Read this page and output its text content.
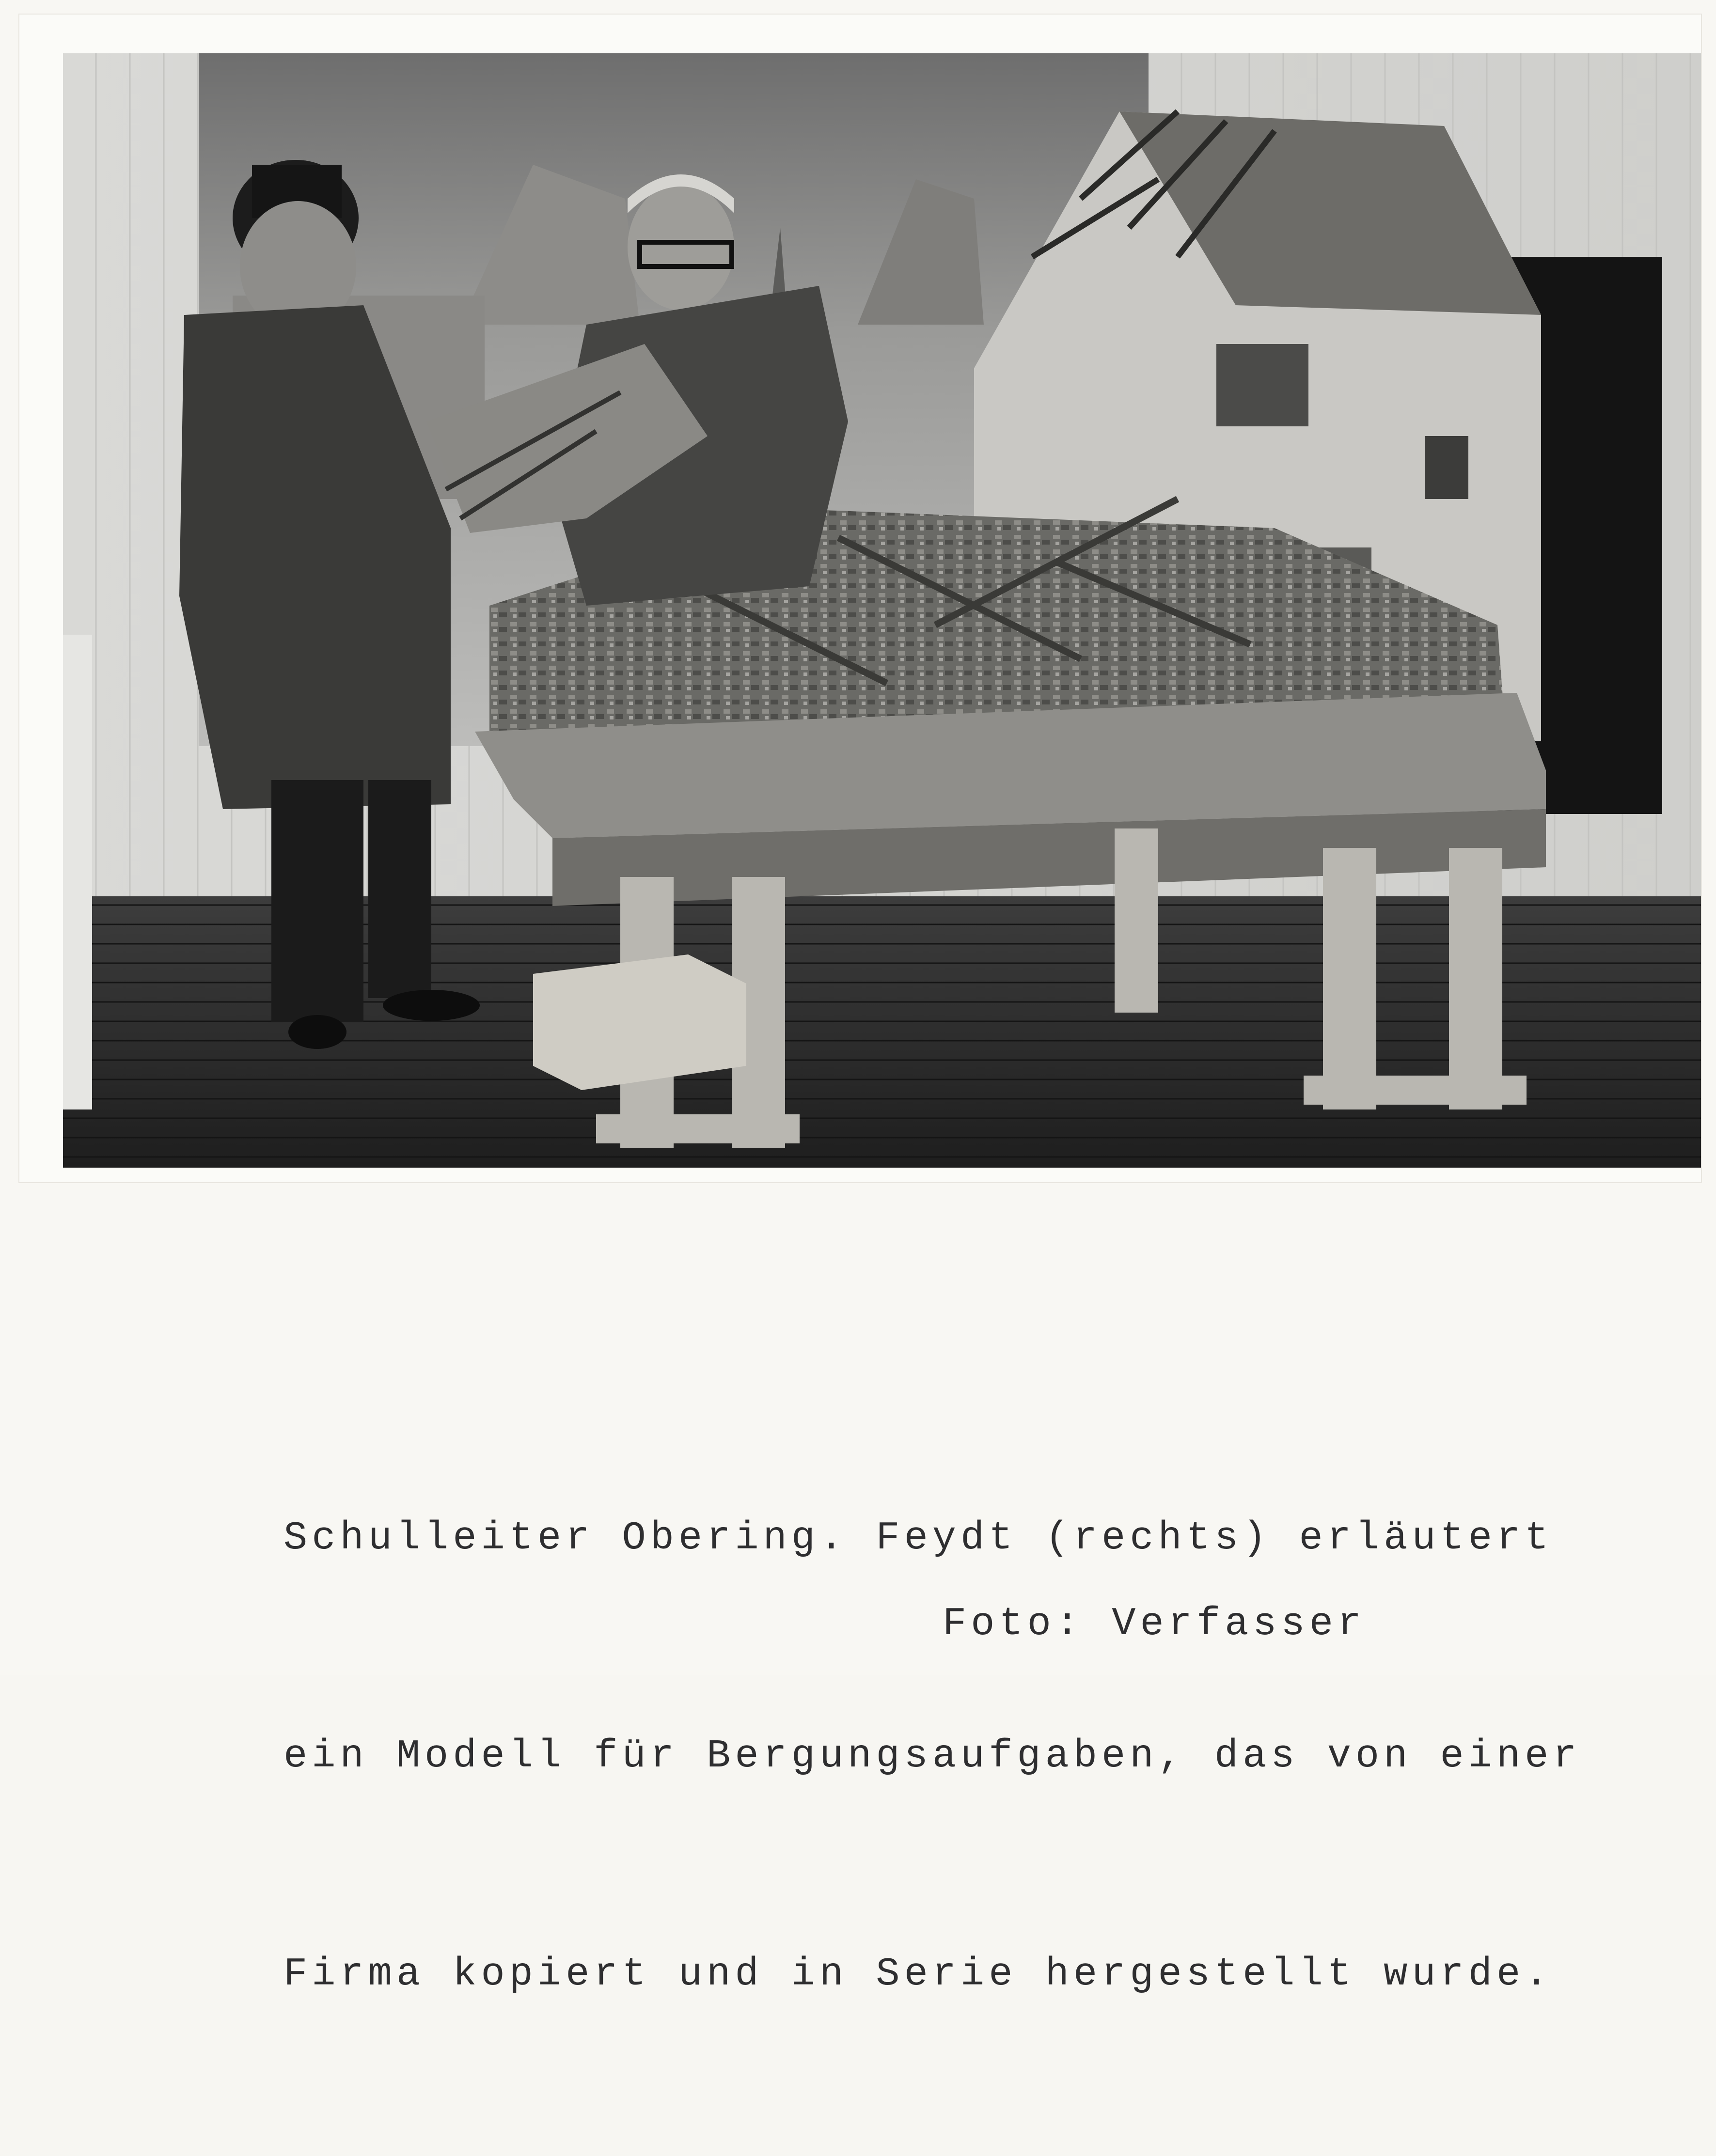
Schulleiter Obering. Feydt (rechts) erläutert

ein Modell für Bergungsaufgaben, das von einer

Firma kopiert und in Serie hergestellt wurde.

Foto: Verfasser
